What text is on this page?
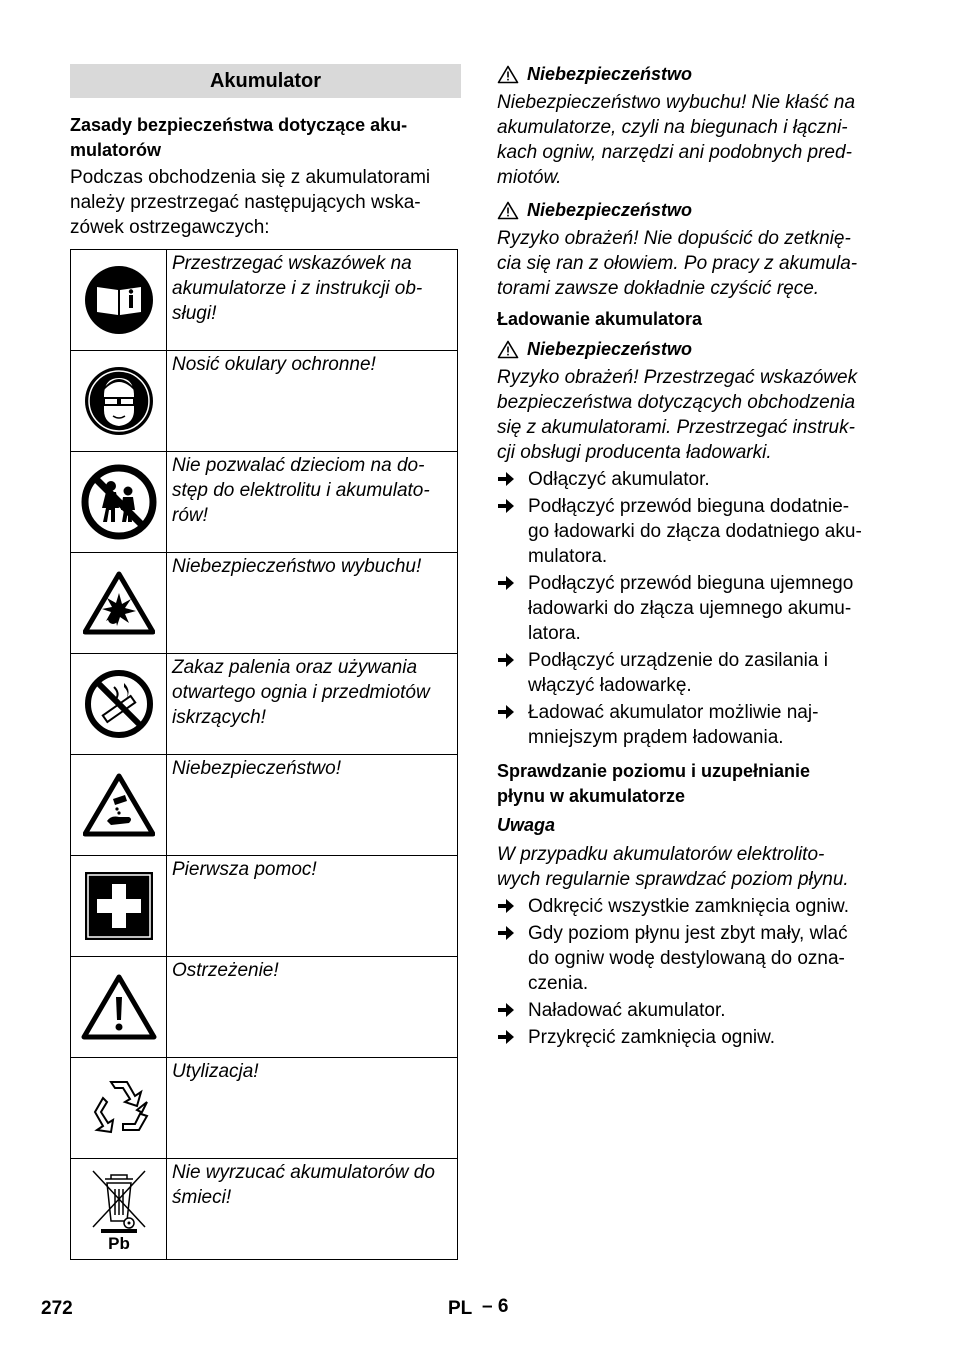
Akumulator
Zasady bezpieczeństwa dotyczące aku-
mulatorów
Podczas obchodzenia się z akumulatorami
należy przestrzegać następujących wska-
zówek ostrzegawczych:

Przestrzegać wskazówek na
akumulatorze i z instrukcji ob-
sługi!

Nosić okulary ochronne!

Nie pozwalać dzieciom na do-
stęp do elektrolitu i akumulato-
rów!

Niebezpieczeństwo wybuchu!

Zakaz palenia oraz używania
otwartego ognia i przedmiotów
iskrzących!

Niebezpieczeństwo!

Pierwsza pomoc!

Ostrzeżenie!

Utylizacja!

Pb	Nie wyrzucać akumulatorów do
śmieci!
Niebezpieczeństwo
Niebezpieczeństwo wybuchu! Nie kłaść na
akumulatorze, czyli na biegunach i łączni-
kach ogniw, narzędzi ani podobnych pred-
miotów.
Niebezpieczeństwo
Ryzyko obrażeń! Nie dopuścić do zetknię-
cia się ran z ołowiem. Po pracy z akumula-
torami zawsze dokładnie czyścić ręce.
Ładowanie akumulatora
Niebezpieczeństwo
Ryzyko obrażeń! Przestrzegać wskazówek
bezpieczeństwa dotyczących obchodzenia
się z akumulatorami. Przestrzegać instruk-
cji obsługi producenta ładowarki.
Odłączyć akumulator.
Podłączyć przewód bieguna dodatnie-
go ładowarki do złącza dodatniego aku-
mulatora.
Podłączyć przewód bieguna ujemnego
ładowarki do złącza ujemnego akumu-
latora.
Podłączyć urządzenie do zasilania i
włączyć ładowarkę.
Ładować akumulator możliwie naj-
mniejszym prądem ładowania.
Sprawdzanie poziomu i uzupełnianie
płynu w akumulatorze
Uwaga
W przypadku akumulatorów elektrolito-
wych regularnie sprawdzać poziom płynu.
Odkręcić wszystkie zamknięcia ogniw.
Gdy poziom płynu jest zbyt mały, wlać
do ogniw wodę destylowaną do ozna-
czenia.
Naładować akumulator.
Przykręcić zamknięcia ogniw.
272	PL – 6
